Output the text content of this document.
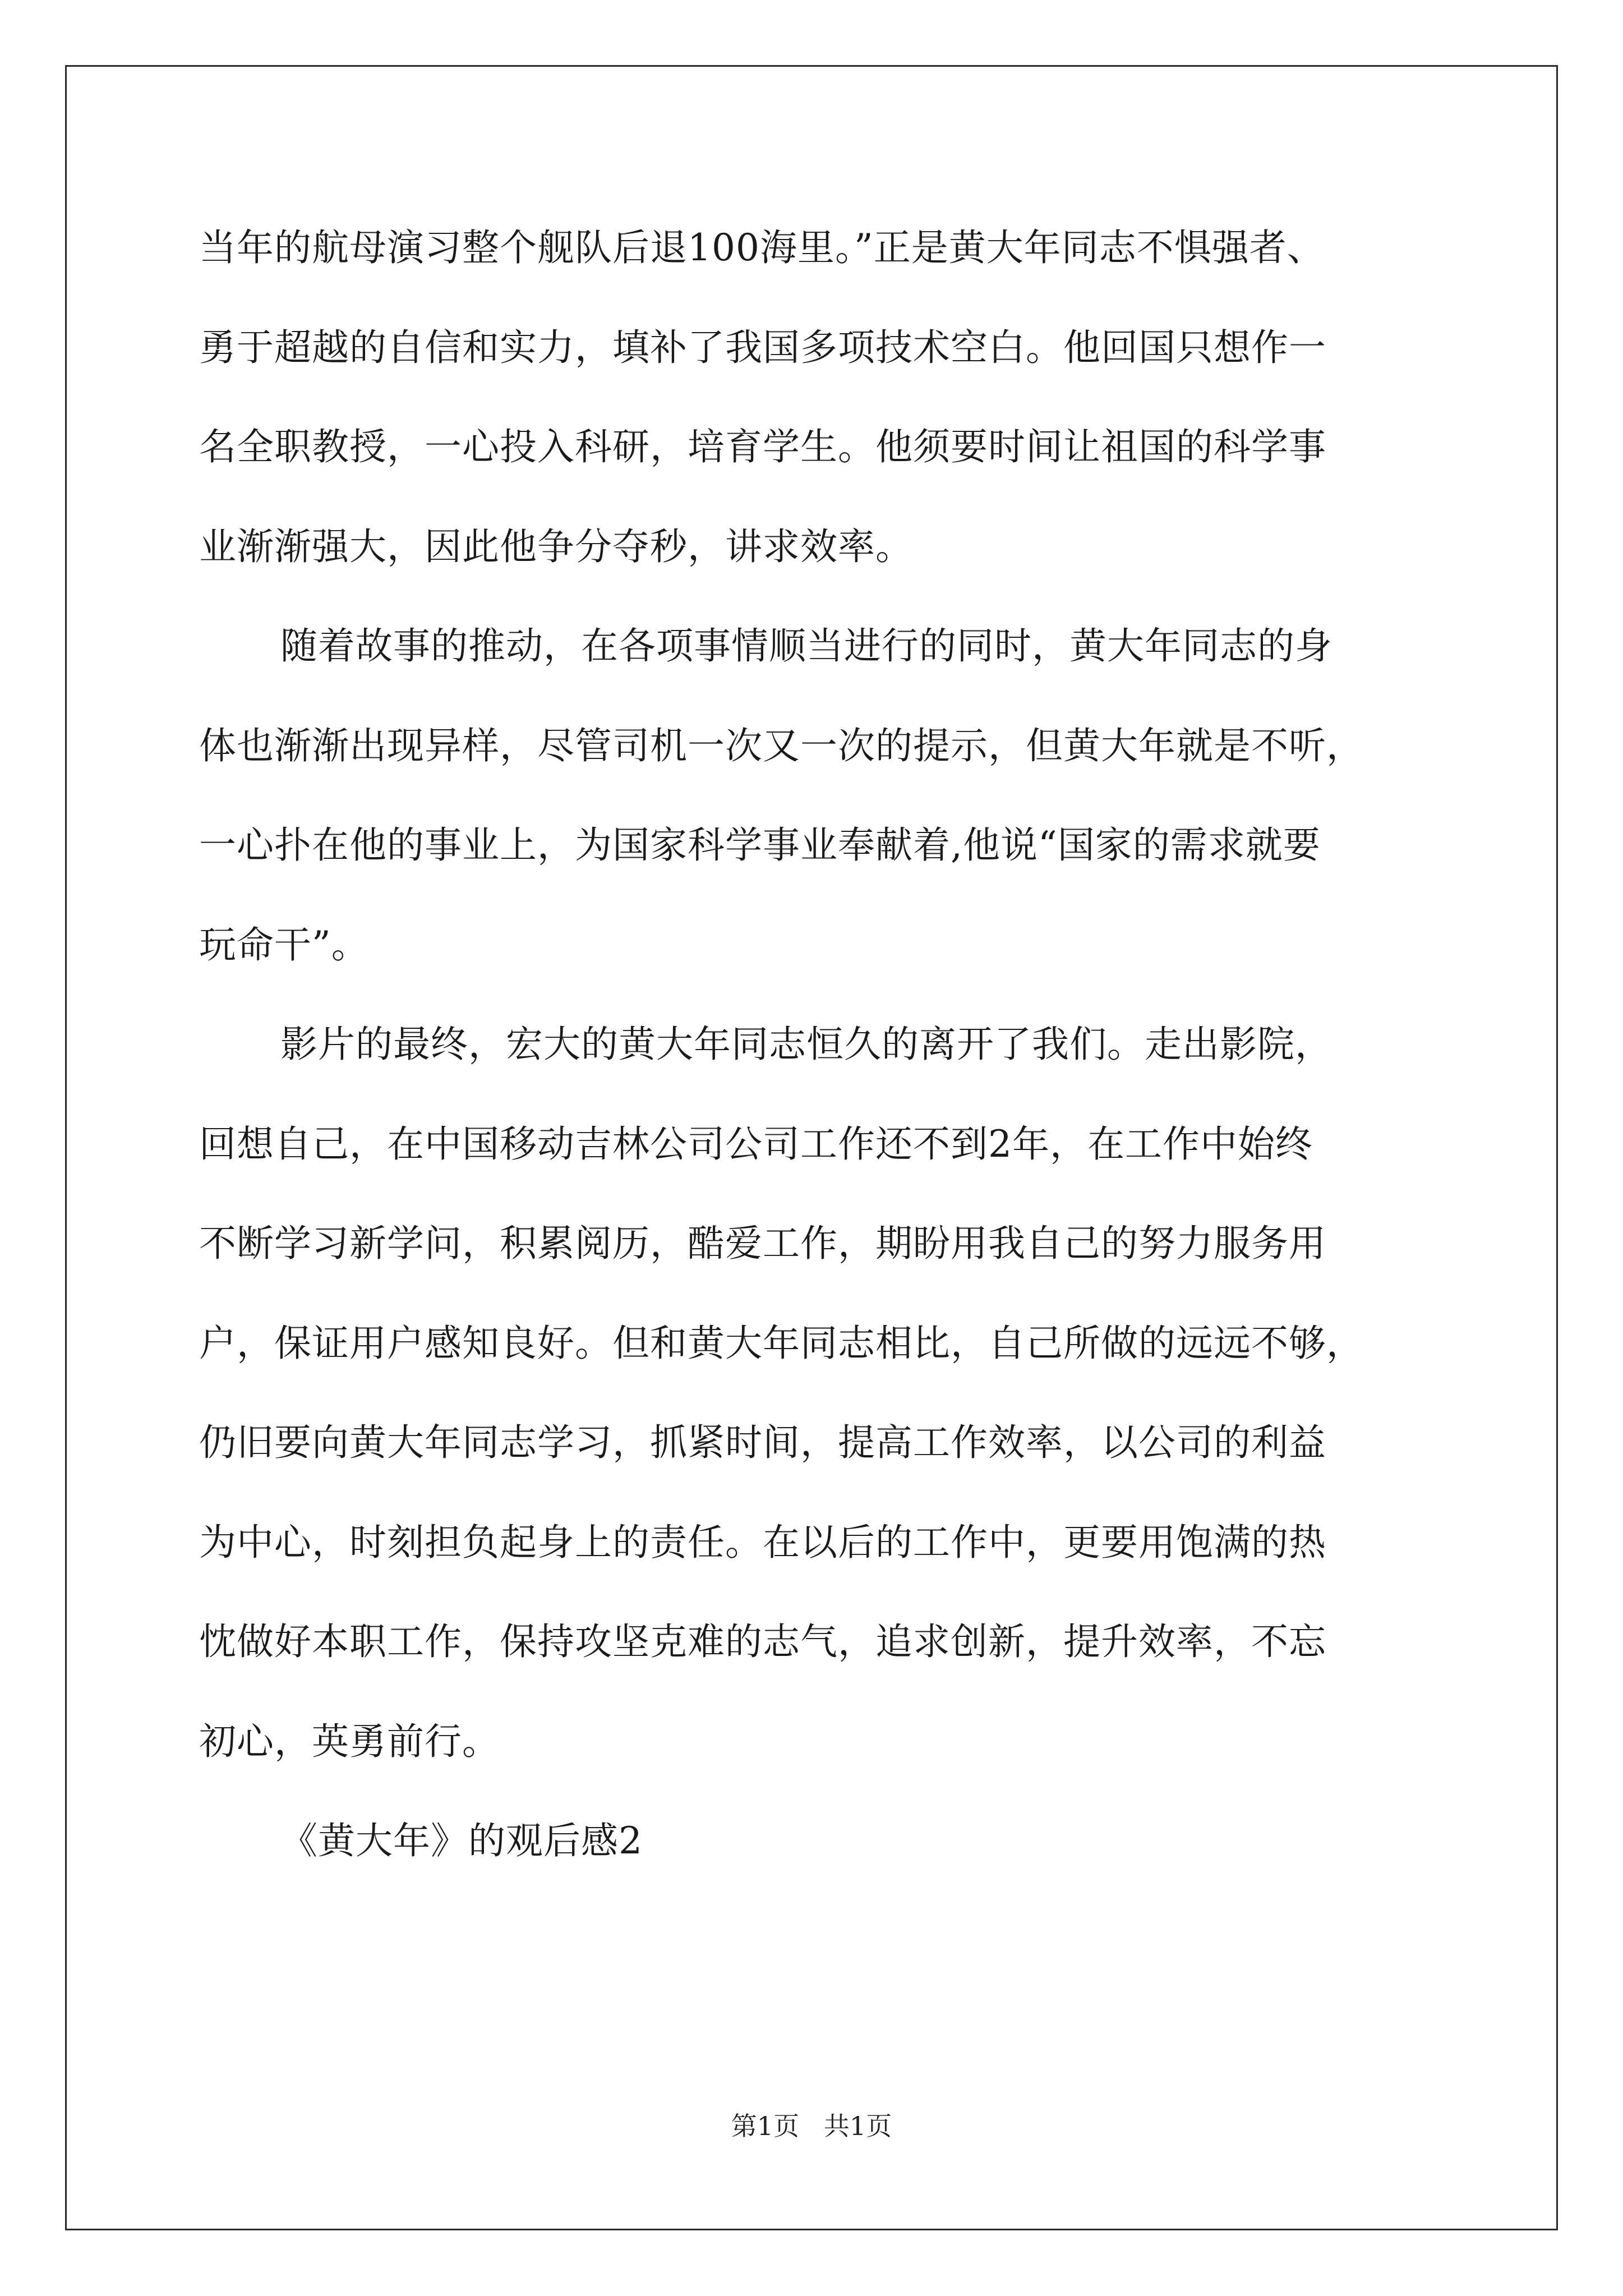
当年的航母演习整个舰队后退100海里。”正是黄大年同志不惧强者、
勇于超越的自信和实力，填补了我国多项技术空白。他回国只想作一
名全职教授，一心投入科研，培育学生。他须要时间让祖国的科学事
业渐渐强大，因此他争分夺秒，讲求效率。
随着故事的推动，在各项事情顺当进行的同时，黄大年同志的身
体也渐渐出现异样，尽管司机一次又一次的提示，但黄大年就是不听，
一心扑在他的事业上，为国家科学事业奉献着,他说“国家的需求就要
玩命干”。
影片的最终，宏大的黄大年同志恒久的离开了我们。走出影院，
回想自己，在中国移动吉林公司公司工作还不到2年，在工作中始终
不断学习新学问，积累阅历，酷爱工作，期盼用我自己的努力服务用
户，保证用户感知良好。但和黄大年同志相比，自己所做的远远不够，
仍旧要向黄大年同志学习，抓紧时间，提高工作效率，以公司的利益
为中心，时刻担负起身上的责任。在以后的工作中，更要用饱满的热
忱做好本职工作，保持攻坚克难的志气，追求创新，提升效率，不忘
初心，英勇前行。
《黄大年》的观后感2
第1页   共1页
